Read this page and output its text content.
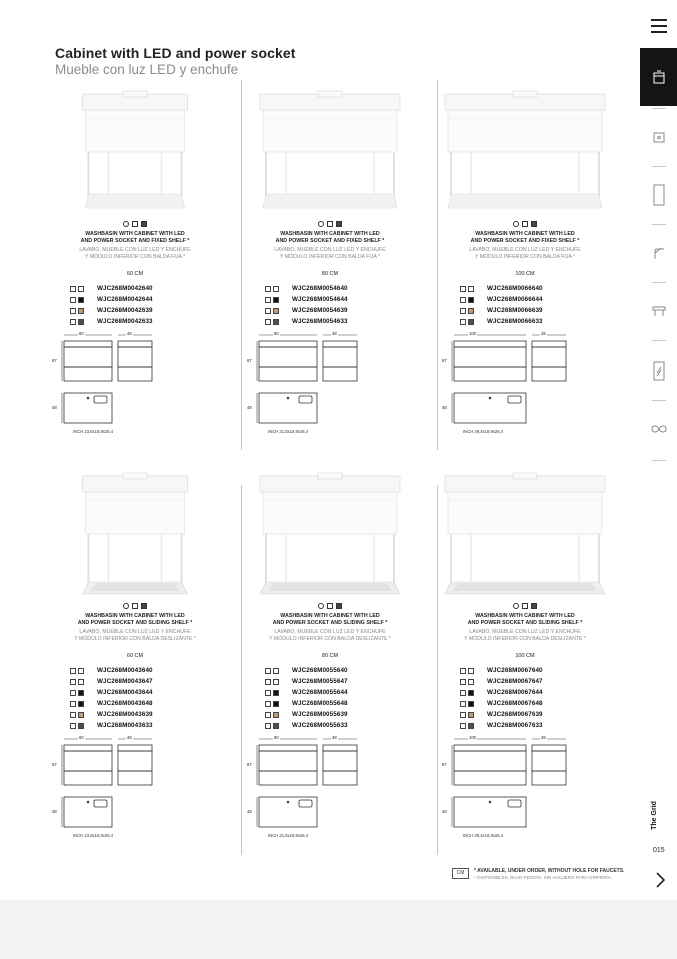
Cabinet with LED and power socket
Mueble con luz LED y enchufe
WASHBASIN WITH CABINET WITH LED
AND POWER SOCKET AND FIXED SHELF *
LAVABO, MUEBLE CON LUZ LED Y ENCHUFE
Y MÓDULO INFERIOR CON BALDA FIJA *
60 CM
WJC268M0042640
WJC268M0042644
WJC268M0042639
WJC268M0042633
60	48
67
48
INCH 23,6x18,9x26,4
WASHBASIN WITH CABINET WITH LED
AND POWER SOCKET AND FIXED SHELF *
LAVABO, MUEBLE CON LUZ LED Y ENCHUFE
Y MÓDULO INFERIOR CON BALDA FIJA *
80 CM
WJC268M0054640
WJC268M0054644
WJC268M0054639
WJC268M0054633
80	48
67
48
INCH 31,5x18,9x26,4
WASHBASIN WITH CABINET WITH LED
AND POWER SOCKET AND FIXED SHELF *
LAVABO, MUEBLE CON LUZ LED Y ENCHUFE
Y MÓDULO INFERIOR CON BALDA FIJA *
100 CM
WJC268M0066640
WJC268M0066644
WJC268M0066639
WJC268M0066633
100	48
67
48
INCH 39,4x18,9x26,4
WASHBASIN WITH CABINET WITH LED
AND POWER SOCKET AND SLIDING SHELF *
LAVABO, MUEBLE CON LUZ LED Y ENCHUFE
Y MÓDULO INFERIOR CON BALDA DESLIZANTE *
60 CM
WJC268M0043640
WJC268M0043647
WJC268M0043644
WJC268M0043648
WJC268M0043639
WJC268M0043633
60	48
67
48
INCH 23,6x18,9x26,4
WASHBASIN WITH CABINET WITH LED
AND POWER SOCKET AND SLIDING SHELF *
LAVABO, MUEBLE CON LUZ LED Y ENCHUFE
Y MÓDULO INFERIOR CON BALDA DESLIZANTE *
80 CM
WJC268M0055640
WJC268M0055647
WJC268M0055644
WJC268M0055648
WJC268M0055639
WJC268M0055633
80	48
67
48
INCH 31,5x18,9x26,4
WASHBASIN WITH CABINET WITH LED
AND POWER SOCKET AND SLIDING SHELF *
LAVABO, MUEBLE CON LUZ LED Y ENCHUFE
Y MÓDULO INFERIOR CON BALDA DESLIZANTE *
100 CM
WJC268M0067640
WJC268M0067647
WJC268M0067644
WJC268M0067648
WJC268M0067639
WJC268M0067633
100	48
67
48
INCH 39,4x18,9x26,4
CM	* AVAILABLE, UNDER ORDER, WITHOUT HOLE FOR FAUCETS.
* DISPONIBLES, BAJO PEDIDO, SIN AGUJERO PARA GRIFERÍA.
The Grid
015
